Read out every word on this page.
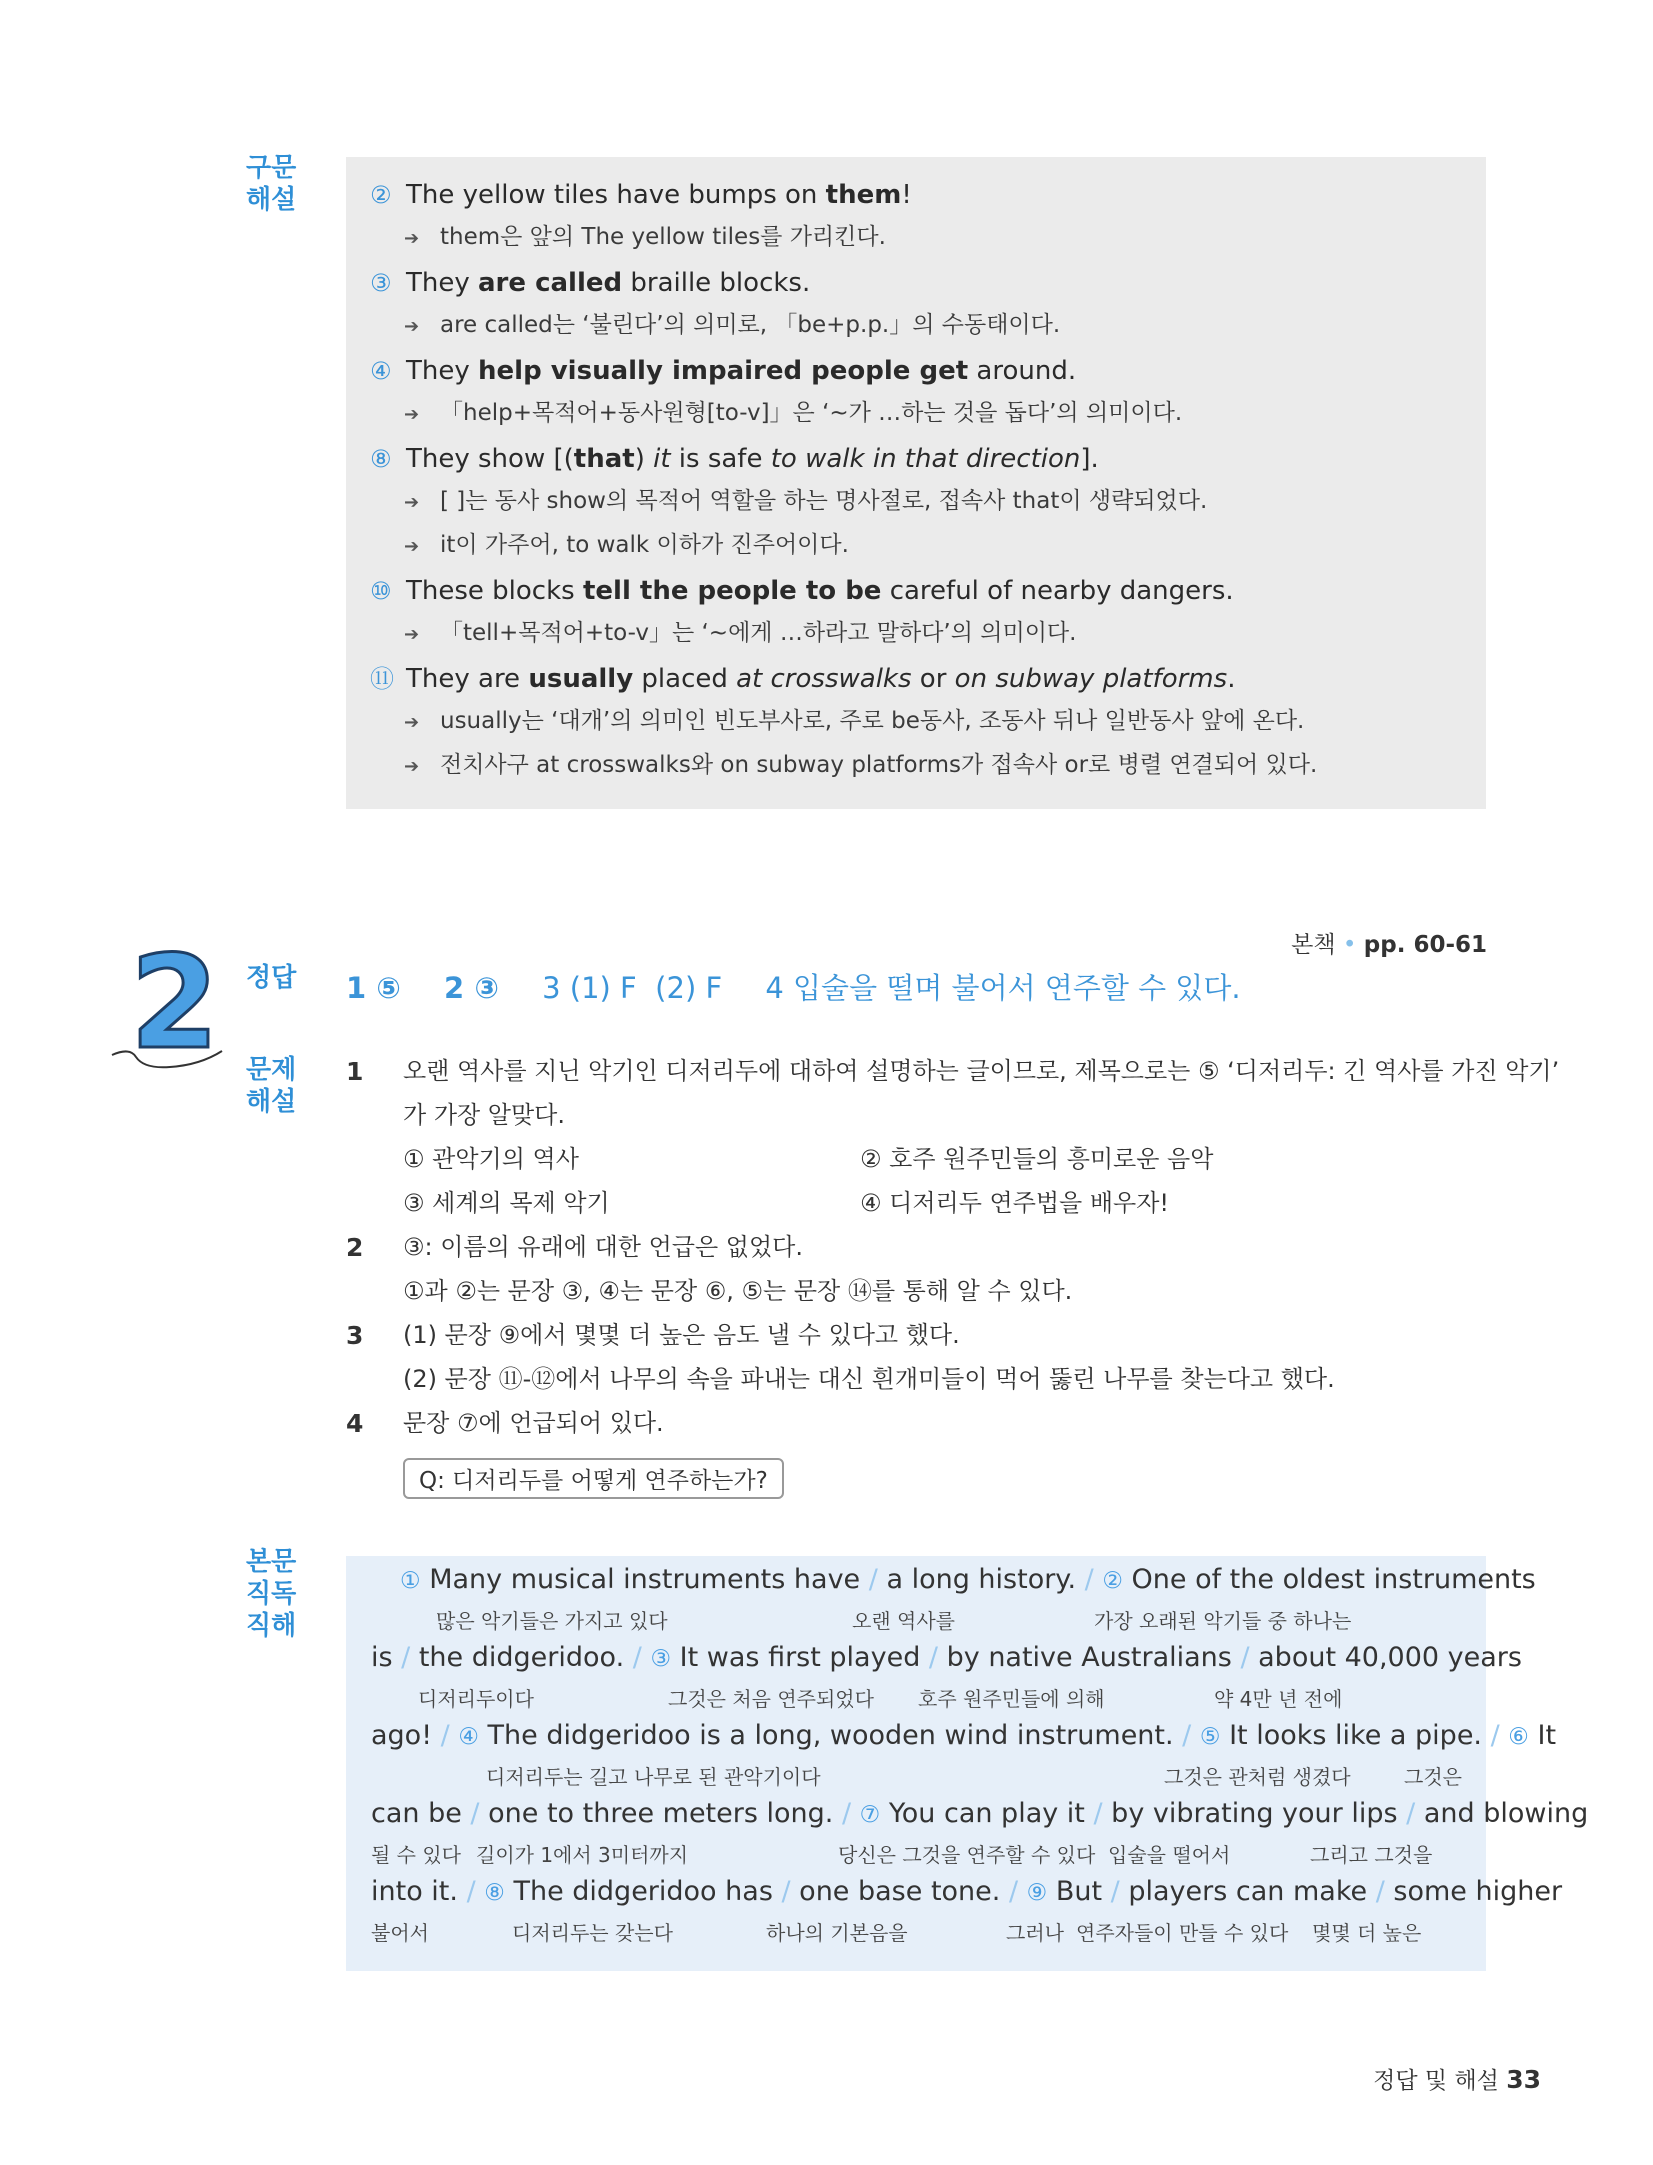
구문
해설	② The yellow tiles have bumps on them!
➔ them은 앞의 The yellow tiles를 가리킨다.
③ They are called braille blocks.
➔ are called는 ‘불린다’의 의미로, 「be+p.p.」의 수동태이다.
④ They help visually impaired people get around.
➔ 「help+목적어+동사원형[to-v]」은 ‘~가 …하는 것을 돕다’의 의미이다.
⑧ They show [(that) it is safe to walk in that direction].
➔ [ ]는 동사 show의 목적어 역할을 하는 명사절로, 접속사 that이 생략되었다.
➔ it이 가주어, to walk 이하가 진주어이다.
⑩ These blocks tell the people to be careful of nearby dangers.
➔ 「tell+목적어+to-v」는 ‘~에게 …하라고 말하다’의 의미이다.
⑪ They are usually placed at crosswalks or on subway platforms.
➔ usually는 ‘대개’의 의미인 빈도부사로, 주로 be동사, 조동사 뒤나 일반동사 앞에 온다.
➔ 전치사구 at crosswalks와 on subway platforms가 접속사 or로 병렬 연결되어 있다.
본책 • pp. 60-61
2 정답	1 ⑤ 2 ③ 3 (1) F  (2) F 4 입술을 떨며 불어서 연주할 수 있다.
문제
해설
1 오랜 역사를 지닌 악기인 디저리두에 대하여 설명하는 글이므로, 제목으로는 ⑤ ‘디저리두: 긴 역사를 가진 악기’
가 가장 알맞다.
① 관악기의 역사	② 호주 원주민들의 흥미로운 음악
③ 세계의 목제 악기	④ 디저리두 연주법을 배우자!
2 ③: 이름의 유래에 대한 언급은 없었다.
①과 ②는 문장 ③, ④는 문장 ⑥, ⑤는 문장 ⑭를 통해 알 수 있다.
3 (1) 문장 ⑨에서 몇몇 더 높은 음도 낼 수 있다고 했다.
(2) 문장 ⑪-⑫에서 나무의 속을 파내는 대신 흰개미들이 먹어 뚫린 나무를 찾는다고 했다.
4 문장 ⑦에 언급되어 있다.
Q: 디저리두를 어떻게 연주하는가?
본문
직독
직해
① Many musical instruments have / a long history. / ② One of the oldest instruments
많은 악기들은 가지고 있다	오랜 역사를	가장 오래된 악기들 중 하나는
is / the didgeridoo. / ③ It was first played / by native Australians / about 40,000 years
디저리두이다	그것은 처음 연주되었다 호주 원주민들에 의해	약 4만 년 전에
ago! / ④ The didgeridoo is a long, wooden wind instrument. / ⑤ It looks like a pipe. / ⑥ It
디저리두는 길고 나무로 된 관악기이다	그것은 관처럼 생겼다	그것은
can be / one to three meters long. / ⑦ You can play it / by vibrating your lips / and blowing
될 수 있다 길이가 1에서 3미터까지	당신은 그것을 연주할 수 있다 입술을 떨어서	그리고 그것을
into it. / ⑧ The didgeridoo has / one base tone. / ⑨ But / players can make / some higher
불어서	디저리두는 갖는다	하나의 기본음을	그러나 연주자들이 만들 수 있다 몇몇 더 높은
정답 및 해설 33
